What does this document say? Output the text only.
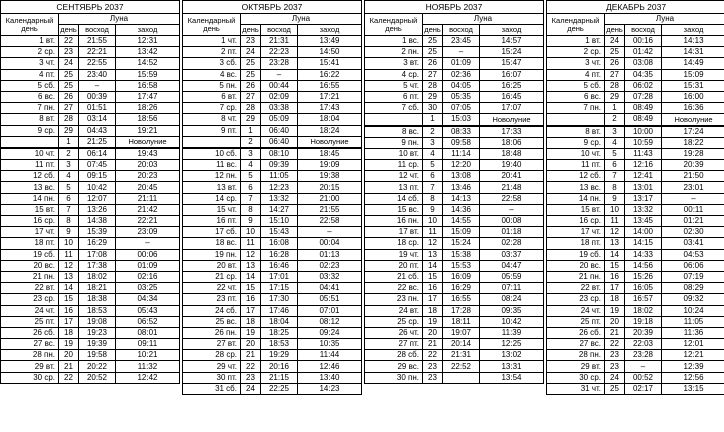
СЕНТЯБРЬ 2037			
Календарный день	Луна		
	день	восход	заход
1 вт.	22	21:55	12:31
2 ср.	23	22:21	13:42
3 чт.	24	22:55	14:52
4 пт.	25	23:40	15:59
5 сб.	25	–	16:58
6 вс.	26	00:39	17:47
7 пн.	27	01:51	18:26
8 вт.	28	03:14	18:56
9 ср.	29	04:43	19:21
	1	21:25	Новолуние
10 чт.	2	06:14	19:43
11 пт.	3	07:45	20:03
12 сб.	4	09:15	20:23
13 вс.	5	10:42	20:45
14 пн.	6	12:07	21:11
15 вт.	7	13:26	21:42
16 ср.	8	14:38	22:21
17 чт.	9	15:39	23:09
18 пт.	10	16:29	–
19 сб.	11	17:08	00:06
20 вс.	12	17:38	01:09
21 пн.	13	18:02	02:16
22 вт.	14	18:21	03:25
23 ср.	15	18:38	04:34
24 чт.	16	18:53	05:43
25 пт.	17	19:08	06:52
26 сб.	18	19:23	08:01
27 вс.	19	19:39	09:11
28 пн.	20	19:58	10:21
29 вт.	21	20:22	11:32
30 ср.	22	20:52	12:42
ОКТЯБРЬ 2037			
Календарный день	Луна		
	день	восход	заход
1 чт.	23	21:31	13:49
2 пт.	24	22:23	14:50
3 сб.	25	23:28	15:41
4 вс.	25	–	16:22
5 пн.	26	00:44	16:55
6 вт.	27	02:09	17:21
7 ср.	28	03:38	17:43
8 чт.	29	05:09	18:04
9 пт.	1	06:40	18:24
	2	06:40	Новолуние
10 сб.	3	08:10	18:45
11 вс.	4	09:39	19:09
12 пн.	5	11:05	19:38
13 вт.	6	12:23	20:15
14 ср.	7	13:32	21:00
15 чт.	8	14:27	21:55
16 пт.	9	15:10	22:58
17 сб.	10	15:43	–
18 вс.	11	16:08	00:04
19 пн.	12	16:28	01:13
20 вт.	13	16:46	02:23
21 ср.	14	17:01	03:32
22 чт.	15	17:15	04:41
23 пт.	16	17:30	05:51
24 сб.	17	17:46	07:01
25 вс.	18	18:04	08:12
26 пн.	19	18:25	09:24
27 вт.	20	18:53	10:35
28 ср.	21	19:29	11:44
29 чт.	22	20:16	12:46
30 пт.	23	21:15	13:40
31 сб.	24	22:25	14:23
НОЯБРЬ 2037			
Календарный день	Луна		
	день	восход	заход
1 вс.	25	23:45	14:57
2 пн.	25	–	15:24
3 вт.	26	01:09	15:47
4 ср.	27	02:36	16:07
5 чт.	28	04:05	16:25
6 пт.	29	05:35	16:45
7 сб.	30	07:05	17:07
	1	15:03	Новолуние
8 вс.	2	08:33	17:33
9 пн.	3	09:58	18:06
10 вт.	4	11:14	18:48
11 ср.	5	12:20	19:40
12 чт.	6	13:08	20:41
13 пт.	7	13:46	21:48
14 сб.	8	14:13	22:58
15 вс.	9	14:36	–
16 пн.	10	14:55	00:08
17 вт.	11	15:09	01:18
18 ср.	12	15:24	02:28
19 чт.	13	15:38	03:37
20 пт.	14	15:53	04:47
21 сб.	15	16:09	05:59
22 вс.	16	16:29	07:11
23 пн.	17	16:55	08:24
24 вт.	18	17:28	09:35
25 ср.	19	18:11	10:42
26 чт.	20	19:07	11:39
27 пт.	21	20:14	12:25
28 сб.	22	21:31	13:02
29 вс.	23	22:52	13:31
30 пн.	23		13:54
ДЕКАБРЬ 2037			
Календарный день	Луна		
	день	восход	заход
1 вт.	24	00:16	14:13
2 ср.	25	01:42	14:31
3 чт.	26	03:08	14:49
4 пт.	27	04:35	15:09
5 сб.	28	06:02	15:31
6 вс.	29	07:28	16:00
7 пн.	1	08:49	16:36
	2	08:49	Новолуние
8 вт.	3	10:00	17:24
9 ср.	4	10:59	18:22
10 чт.	5	11:43	19:28
11 пт.	6	12:16	20:39
12 сб.	7	12:41	21:50
13 вс.	8	13:01	23:01
14 пн.	9	13:17	–
15 вт.	10	13:32	00:11
16 ср.	11	13:45	01:21
17 чт.	12	14:00	02:30
18 пт.	13	14:15	03:41
19 сб.	14	14:33	04:53
20 вс.	15	14:56	06:06
21 пн.	16	15:26	07:19
22 вт.	17	16:05	08:29
23 ср.	18	16:57	09:32
24 чт.	19	18:02	10:24
25 пт.	20	19:18	11:05
26 сб.	21	20:39	11:36
27 вс.	22	22:03	12:01
28 пн.	23	23:28	12:21
29 вт.	23	–	12:39
30 ср.	24	00:52	12:56
31 чт.	25	02:17	13:15
